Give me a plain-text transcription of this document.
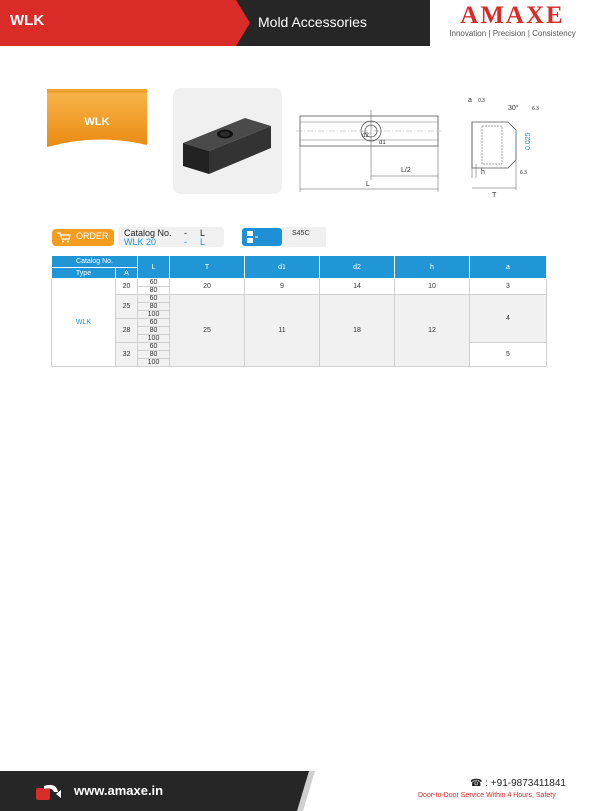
WLK	Mold Accessories	AMAXE
Innovation | Precision | Consistency
WLK
L/2
L
d2
d1
a 0.3
30°	6.3
h
T
0.025
6.3
ORDER Catalog No. - L
WLK 20	- L
S45C
Catalog No.		L	T	d1	d2	h	a
Type	A						
WLK	20	60	20	9	14	10	3
		80					
	25	60	25	11	18	12	4
		80					
		100					
	28	60					
		80					
		100					
	32	60					5
		80					
		100					
www.amaxe.in	☎ : +91-9873411841
Door-to-Door Service Within 4 Hours, Safety
